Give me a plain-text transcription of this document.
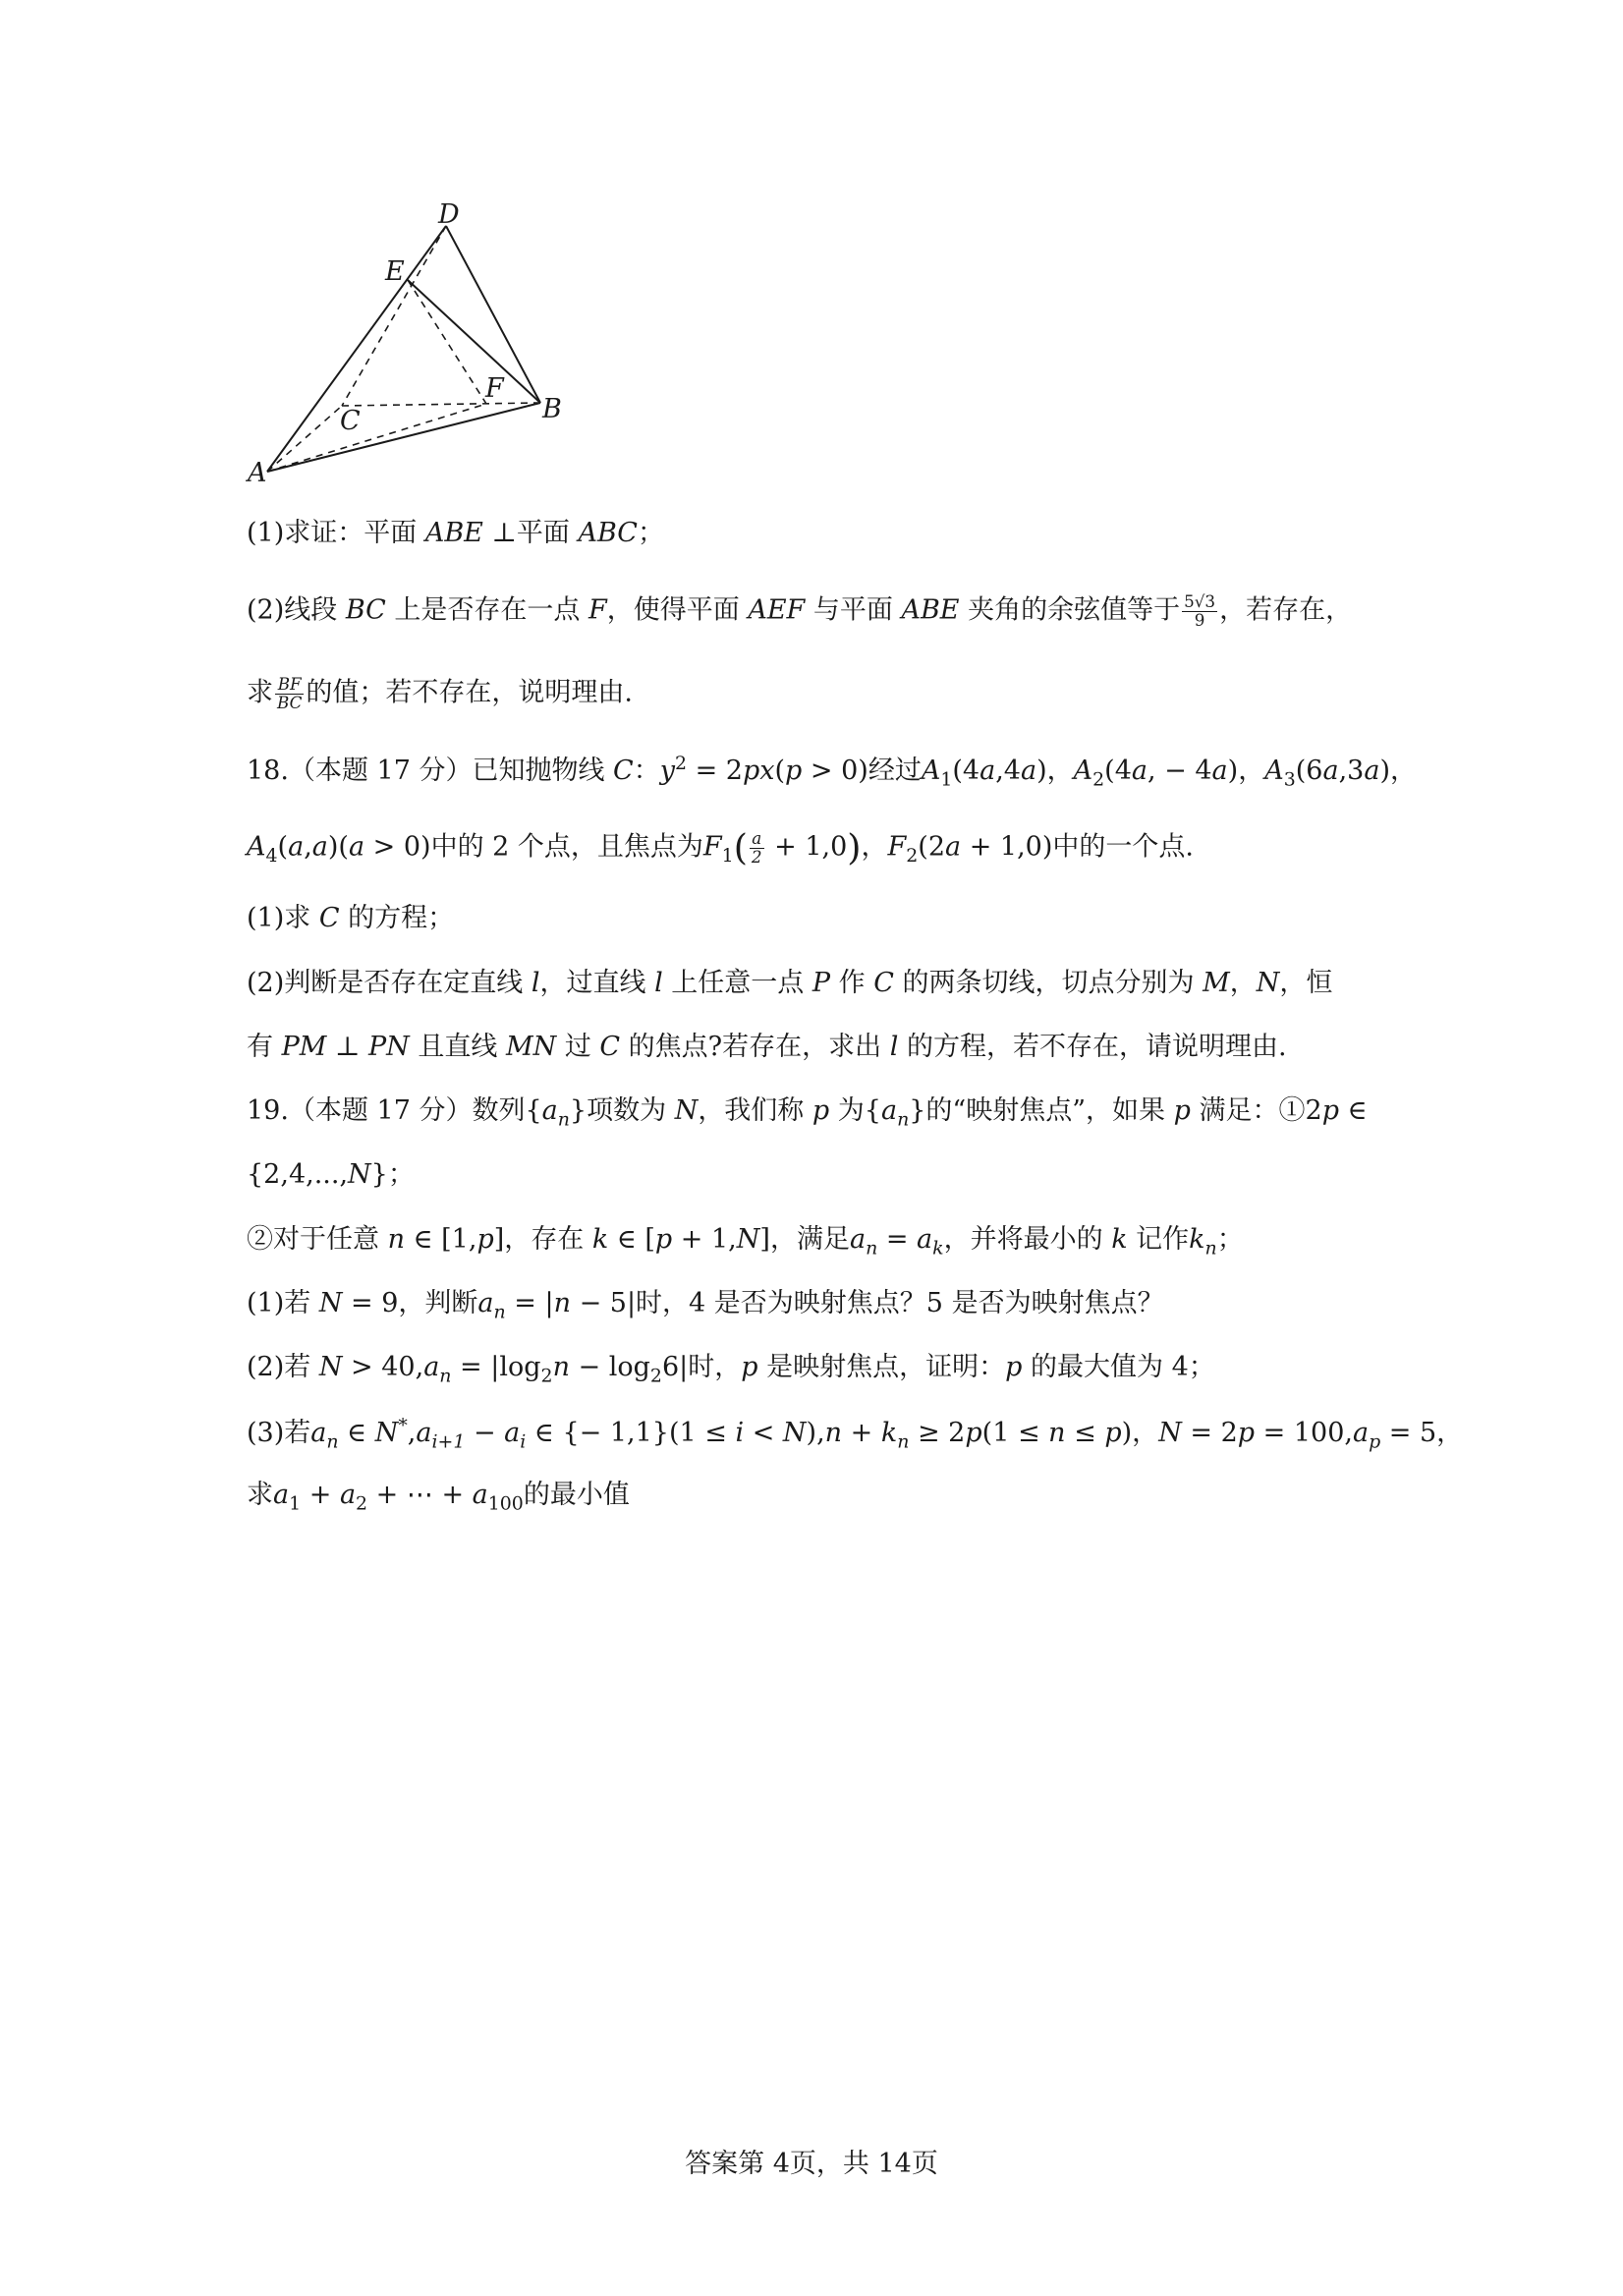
D
E
F
C	B
A
(1)求证：平面 ABE ⊥平面 ABC；
(2)线段 BC 上是否存在一点 F，使得平面 AEF 与平面 ABE 夹角的余弦值等于 $\frac{5√3}{9}$ ，若存在，
求 $\frac{BF}{BC}$ 的值；若不存在，说明理由.
18.（本题 17 分）已知抛物线 C：$y^2 = 2px(p > 0)$经过$A_1(4a,4a)$，$A_2(4a$, − 4a)，$A_3(6a,3a)$，
$A_4(a,a)(a > 0)$中的 2 个点，且焦点为$F_1( \frac{a}{2} + 1,0)$，$F_2(2a + 1,0)$中的一个点.
(1)求 C 的方程；
(2)判断是否存在定直线 l，过直线 l 上任意一点 P 作 C 的两条切线，切点分别为 M，N，恒
有 PM ⊥ PN 且直线 MN 过 C 的焦点?若存在，求出 l 的方程，若不存在，请说明理由.
19.（本题 17 分）数列$\{a_n\}$项数为 N，我们称 p 为$\{a_n\}$的“映射焦点”，如果 p 满足：①2p ∈
{2,4,...,N}；
②对于任意 n ∈ [1,p]，存在 k ∈ [p + 1,N]，满足$a_n = a_k$，并将最小的 k 记作$k_n$；
(1)若 N = 9，判断$a_n = |n - 5|$时，4 是否为映射焦点？5 是否为映射焦点？
(2)若 $N > 40,a_n = |\log_2n - \log_26|$时，p 是映射焦点，证明：p 的最大值为 4；
(3)若$a_n$ ∈ $N^*,a_{i+1} - a_i$ ∈ {− $1,1\}(1 \le i < N),n + k_n \ge 2p(1 \le n \le p)$，$N = 2p = 100,a_p = 5$，
求$a_1 + a_2$ + ⋯ + $a_{100}$的最小值
答案第 4页，共 14页
